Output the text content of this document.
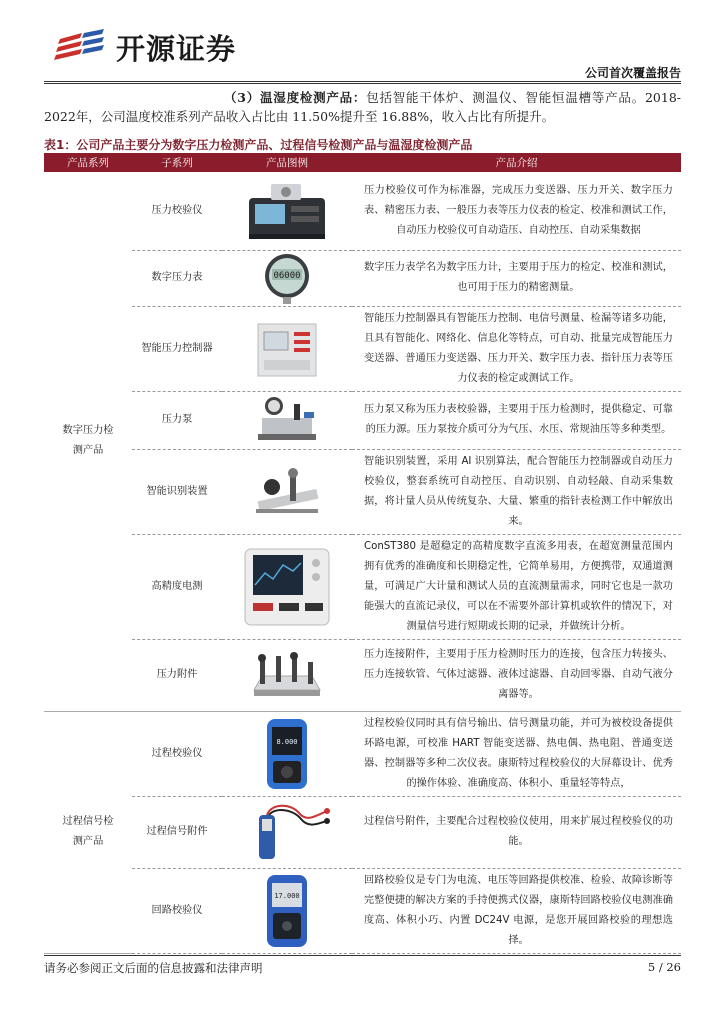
开源证券
公司首次覆盖报告

（3）温湿度检测产品：包括智能干体炉、测温仪、智能恒温槽等产品。2018-2022年，公司温度校准系列产品收入占比由 11.50%提升至 16.88%，收入占比有所提升。

表1：公司产品主要分为数字压力检测产品、过程信号检测产品与温湿度检测产品
产品系列	子系列	产品图例	产品介绍

数字压力检测产品	压力校验仪		压力校验仪可作为标准器，完成压力变送器、压力开关、数字压力表、精密压力表、一般压力表等压力仪表的检定、校准和测试工作，自动压力校验仪可自动造压、自动控压、自动采集数据
	数字压力表	06000	数字压力表学名为数字压力计，主要用于压力的检定、校准和测试，也可用于压力的精密测量。
	智能压力控制器		智能压力控制器具有智能压力控制、电信号测量、检漏等诸多功能，且具有智能化、网络化、信息化等特点，可自动、批量完成智能压力变送器、普通压力变送器、压力开关、数字压力表、指针压力表等压力仪表的检定或测试工作。
	压力泵		压力泵又称为压力表校验器，主要用于压力检测时，提供稳定、可靠的压力源。压力泵按介质可分为气压、水压、常规油压等多种类型。
	智能识别装置		智能识别装置，采用 AI 识别算法，配合智能压力控制器或自动压力校验仪，整套系统可自动控压、自动识别、自动轻敲、自动采集数据，将计量人员从传统复杂、大量、繁重的指针表检测工作中解放出来。
	高精度电测		ConST380 是超稳定的高精度数字直流多用表，在超宽测量范围内拥有优秀的准确度和长期稳定性，它简单易用，方便携带，双通道测量，可满足广大计量和测试人员的直流测量需求，同时它也是一款功能强大的直流记录仪，可以在不需要外部计算机或软件的情况下，对测量信号进行短期或长期的记录，并做统计分析。
	压力附件		压力连接附件，主要用于压力检测时压力的连接，包含压力转接头、压力连接软管、气体过滤器、液体过滤器、自动回零器、自动气液分离器等。

过程信号检测产品	过程校验仪	8.000	过程校验仪同时具有信号输出、信号测量功能，并可为被校设备提供环路电源，可校准 HART 智能变送器、热电偶、热电阻、普通变送器、控制器等多种二次仪表。康斯特过程校验仪的大屏幕设计、优秀的操作体验、准确度高、体积小、重量轻等特点，
	过程信号附件		过程信号附件，主要配合过程校验仪使用，用来扩展过程校验仪的功能。
	回路校验仪	17.000	回路校验仪是专门为电流、电压等回路提供校准、检验、故障诊断等完整便捷的解决方案的手持便携式仪器，康斯特回路校验仪电测准确度高、体积小巧、内置 DC24V 电源，是您开展回路校验的理想选择。
请务必参阅正文后面的信息披露和法律声明	5 / 26
